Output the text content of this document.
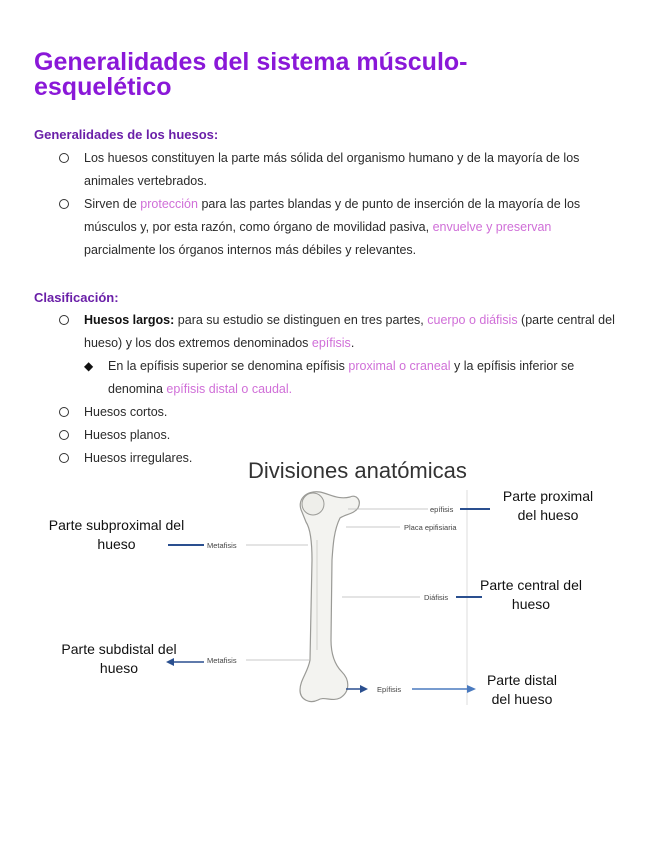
Generalidades del sistema músculo-
esquelético
Generalidades de los huesos:
Los huesos constituyen la parte más sólida del organismo humano y de la mayoría de los animales vertebrados.
Sirven de protección para las partes blandas y de punto de inserción de la mayoría de los músculos y, por esta razón, como órgano de movilidad pasiva, envuelve y preservan parcialmente los órganos internos más débiles y relevantes.
Clasificación:
Huesos largos: para su estudio se distinguen en tres partes, cuerpo o diáfisis (parte central del hueso) y los dos extremos denominados epífisis.
◆ En la epífisis superior se denomina epífisis proximal o craneal y la epífisis inferior se denomina epífisis distal o caudal.
Huesos cortos.
Huesos planos.
Huesos irregulares.	Divisiones anatómicas
epífisis
Placa epifisiaria
Metafisis
Diáfisis
Metafisis
Epífisis
Parte proximal del hueso
Parte subproximal del hueso
Parte central del hueso
Parte subdistal del hueso
Parte distal del hueso
